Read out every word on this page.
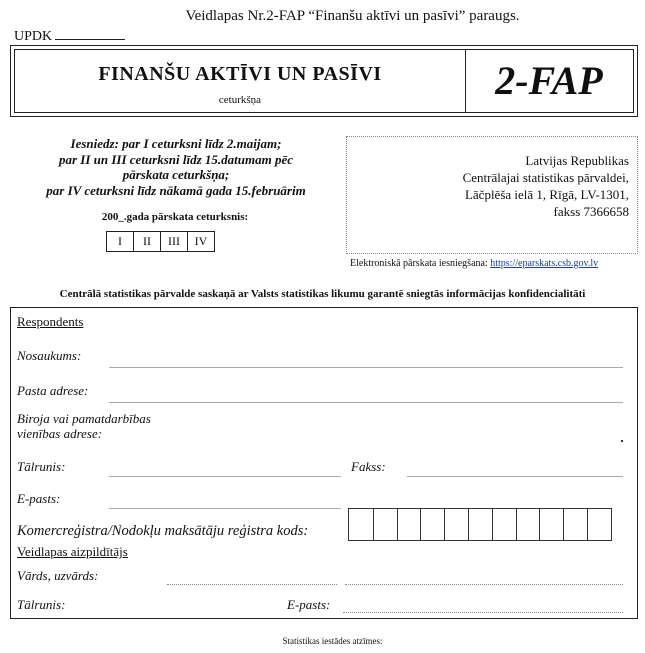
Veidlapas Nr.2-FAP “Finanšu aktīvi un pasīvi” paraugs.
UPDK
FINANŠU AKTĪVI UN PASĪVI
ceturkšņa	2-FAP
Iesniedz: par I ceturksni līdz 2.maijam;
par II un III ceturksni līdz 15.datumam pēc
pārskata ceturkšņa;
par IV ceturksni līdz nākamā gada 15.februārim
200_.gada pārskata ceturksnis:
I	II	III	IV
Latvijas Republikas
Centrālajai statistikas pārvaldei,
Lāčplēša ielā 1, Rīgā, LV-1301,
fakss 7366658
Elektroniskā pārskata iesniegšana: https://eparskats.csb.gov.lv
Centrālā statistikas pārvalde saskaņā ar Valsts statistikas likumu garantē sniegtās informācijas konfidencialitāti
Respondents
Nosaukums:
Pasta adrese:
Biroja vai pamatdarbības
vienības adrese:
Tālrunis:	Fakss:
E-pasts:
Komercreģistra/Nodokļu maksātāju reģistra kods:
Veidlapas aizpildītājs
Vārds, uzvārds:
Tālrunis:	E-pasts:
Statistikas iestādes atzīmes:
